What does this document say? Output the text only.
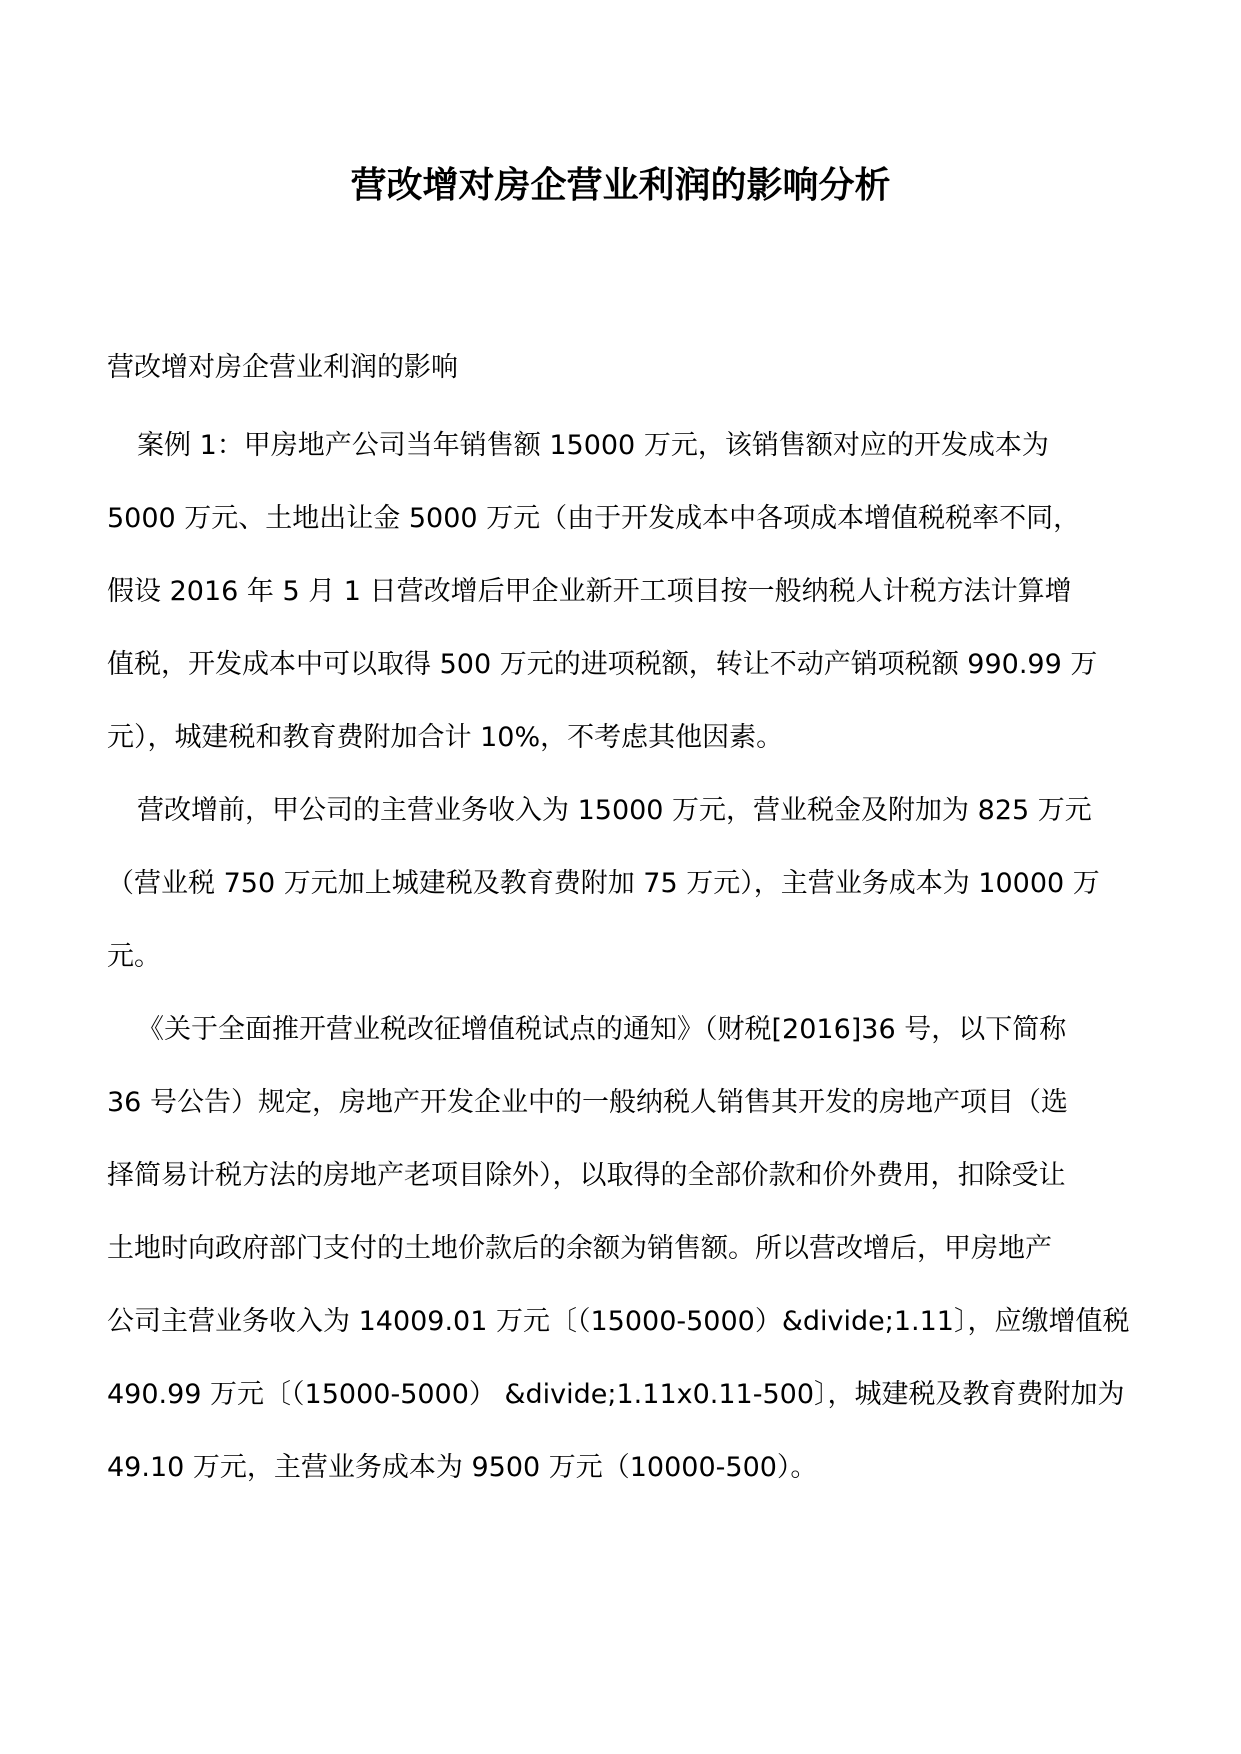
营改增对房企营业利润的影响分析

营改增对房企营业利润的影响

案例 1：甲房地产公司当年销售额 15000 万元，该销售额对应的开发成本为

5000 万元、土地出让金 5000 万元（由于开发成本中各项成本增值税税率不同，

假设 2016 年 5 月 1 日营改增后甲企业新开工项目按一般纳税人计税方法计算增

值税，开发成本中可以取得 500 万元的进项税额，转让不动产销项税额 990.99 万

元），城建税和教育费附加合计 10%，不考虑其他因素。

营改增前，甲公司的主营业务收入为 15000 万元，营业税金及附加为 825 万元

（营业税 750 万元加上城建税及教育费附加 75 万元），主营业务成本为 10000 万

元。

《关于全面推开营业税改征增值税试点的通知》（财税[2016]36 号，以下简称

36 号公告）规定，房地产开发企业中的一般纳税人销售其开发的房地产项目（选

择简易计税方法的房地产老项目除外），以取得的全部价款和价外费用，扣除受让

土地时向政府部门支付的土地价款后的余额为销售额。所以营改增后，甲房地产

公司主营业务收入为 14009.01 万元〔（15000-5000）&divide;1.11〕，应缴增值税

490.99 万元〔（15000-5000） &divide;1.11x0.11-500〕，城建税及教育费附加为

49.10 万元，主营业务成本为 9500 万元（10000-500）。
